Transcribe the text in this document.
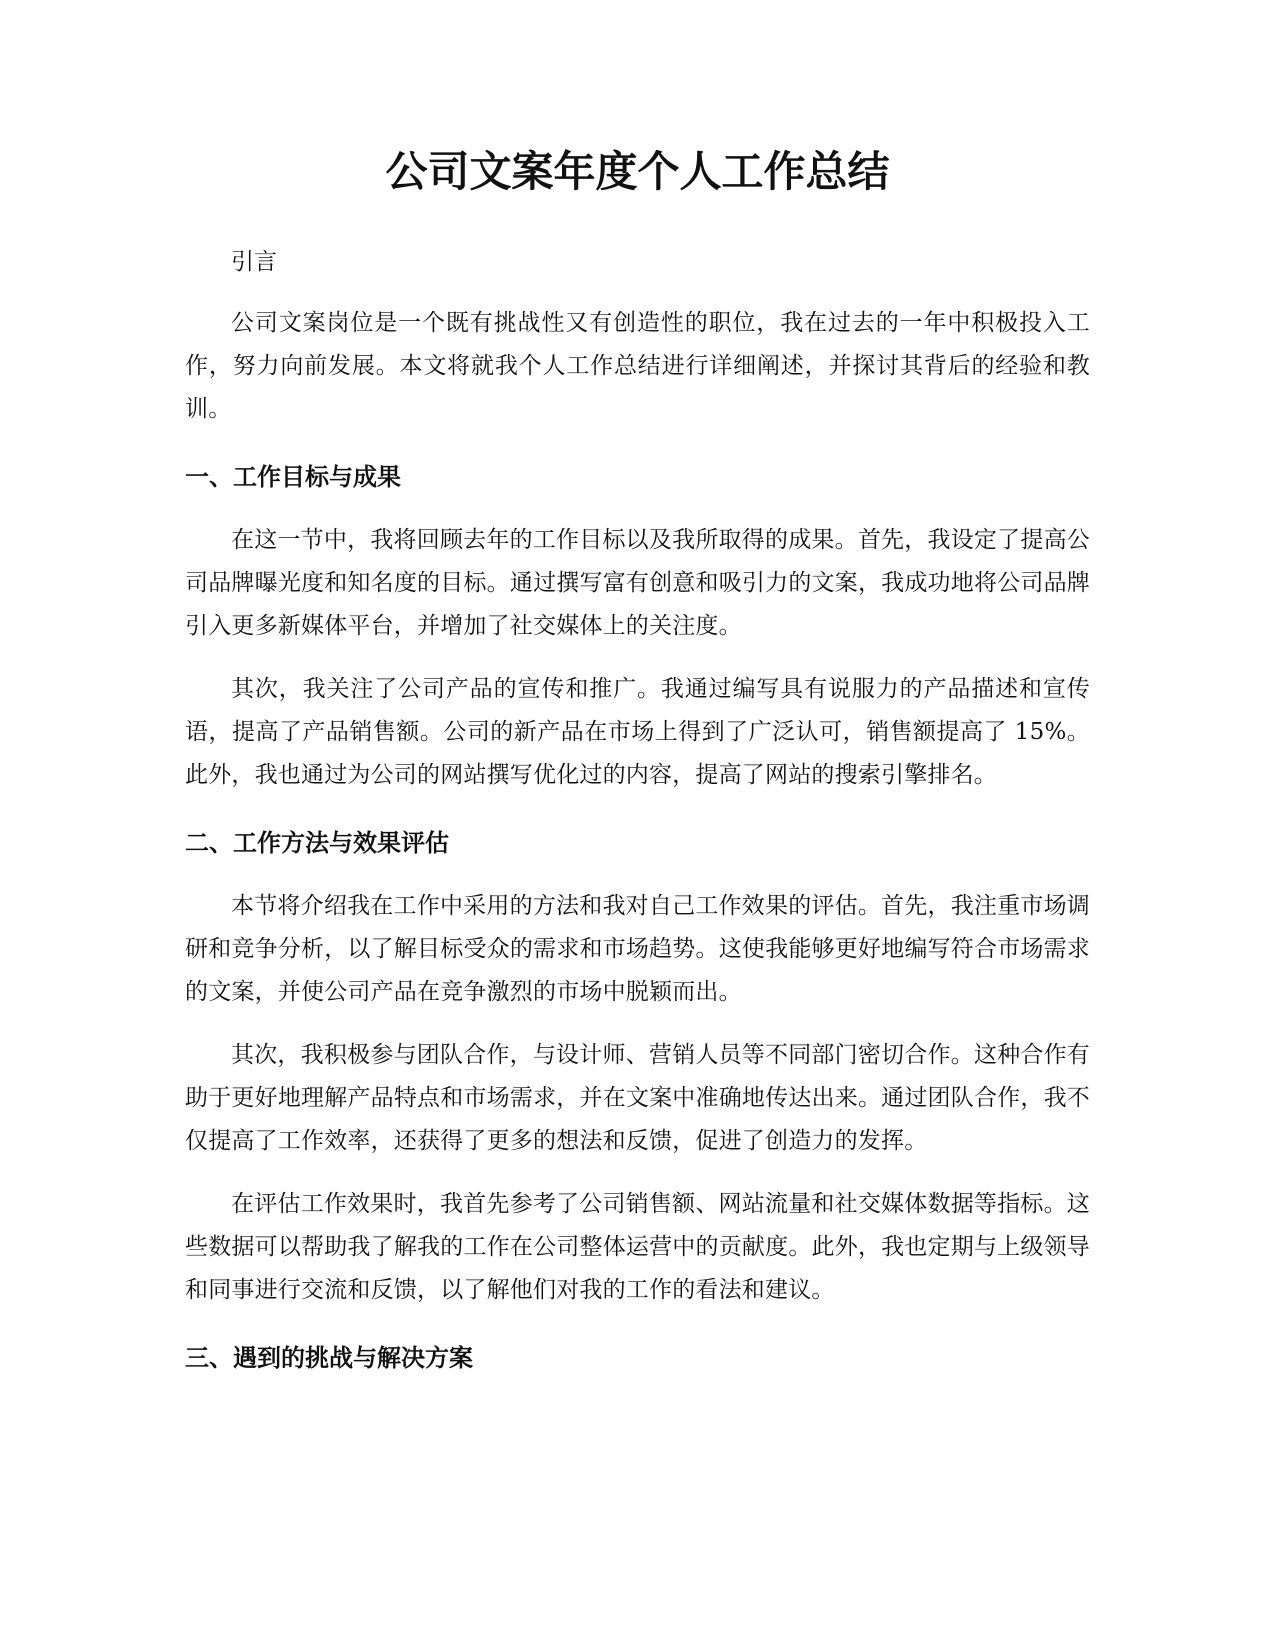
公司文案年度个人工作总结

引言

公司文案岗位是一个既有挑战性又有创造性的职位，我在过去的一年中积极投入工作，努力向前发展。本文将就我个人工作总结进行详细阐述，并探讨其背后的经验和教训。

一、工作目标与成果

在这一节中，我将回顾去年的工作目标以及我所取得的成果。首先，我设定了提高公司品牌曝光度和知名度的目标。通过撰写富有创意和吸引力的文案，我成功地将公司品牌引入更多新媒体平台，并增加了社交媒体上的关注度。

其次，我关注了公司产品的宣传和推广。我通过编写具有说服力的产品描述和宣传语，提高了产品销售额。公司的新产品在市场上得到了广泛认可，销售额提高了 15%。此外，我也通过为公司的网站撰写优化过的内容，提高了网站的搜索引擎排名。

二、工作方法与效果评估

本节将介绍我在工作中采用的方法和我对自己工作效果的评估。首先，我注重市场调研和竞争分析，以了解目标受众的需求和市场趋势。这使我能够更好地编写符合市场需求的文案，并使公司产品在竞争激烈的市场中脱颖而出。

其次，我积极参与团队合作，与设计师、营销人员等不同部门密切合作。这种合作有助于更好地理解产品特点和市场需求，并在文案中准确地传达出来。通过团队合作，我不仅提高了工作效率，还获得了更多的想法和反馈，促进了创造力的发挥。

在评估工作效果时，我首先参考了公司销售额、网站流量和社交媒体数据等指标。这些数据可以帮助我了解我的工作在公司整体运营中的贡献度。此外，我也定期与上级领导和同事进行交流和反馈，以了解他们对我的工作的看法和建议。

三、遇到的挑战与解决方案
